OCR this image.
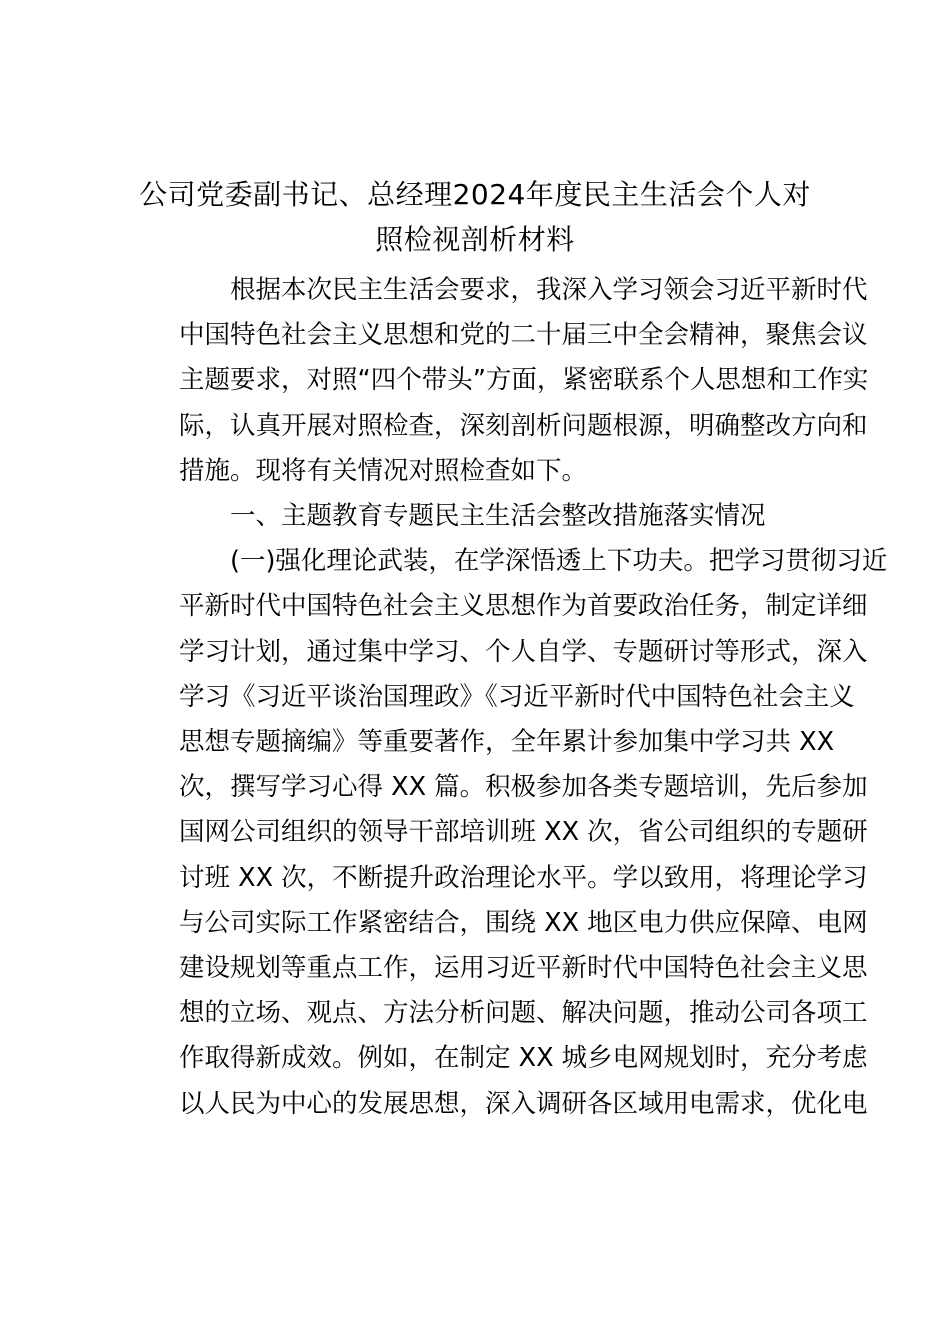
公司党委副书记、总经理2024年度民主生活会个人对
照检视剖析材料
根据本次民主生活会要求，我深入学习领会习近平新时代
中国特色社会主义思想和党的二十届三中全会精神，聚焦会议
主题要求，对照“四个带头”方面，紧密联系个人思想和工作实
际，认真开展对照检查，深刻剖析问题根源，明确整改方向和
措施。现将有关情况对照检查如下。
一、主题教育专题民主生活会整改措施落实情况
(一)强化理论武装，在学深悟透上下功夫。把学习贯彻习近
平新时代中国特色社会主义思想作为首要政治任务，制定详细
学习计划，通过集中学习、个人自学、专题研讨等形式，深入
学习《习近平谈治国理政》《习近平新时代中国特色社会主义
思想专题摘编》等重要著作，全年累计参加集中学习共 XX
次，撰写学习心得 XX 篇。积极参加各类专题培训，先后参加
国网公司组织的领导干部培训班 XX 次，省公司组织的专题研
讨班 XX 次，不断提升政治理论水平。学以致用，将理论学习
与公司实际工作紧密结合，围绕 XX 地区电力供应保障、电网
建设规划等重点工作，运用习近平新时代中国特色社会主义思
想的立场、观点、方法分析问题、解决问题，推动公司各项工
作取得新成效。例如，在制定 XX 城乡电网规划时，充分考虑
以人民为中心的发展思想，深入调研各区域用电需求，优化电
